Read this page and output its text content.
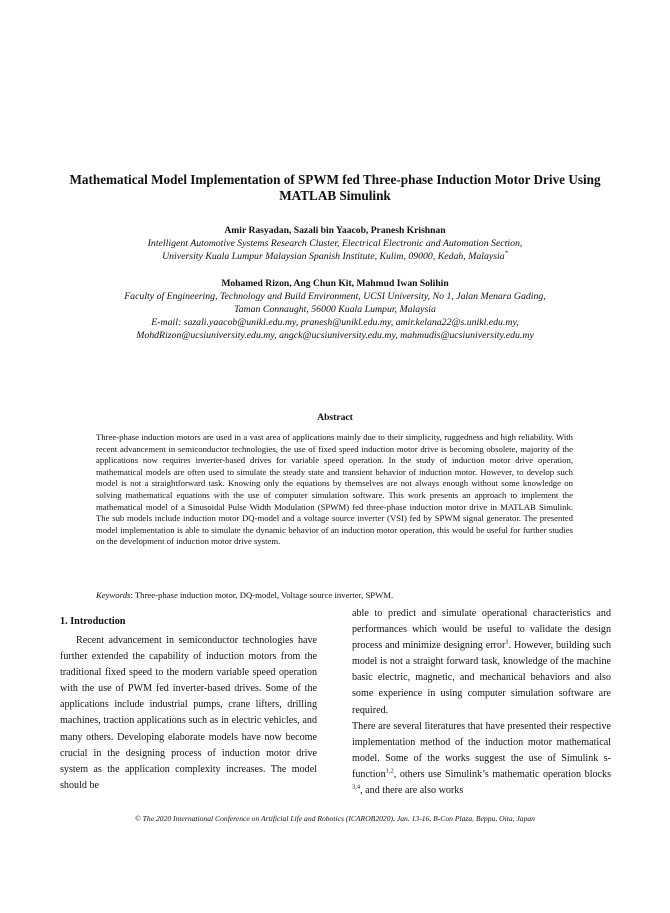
Mathematical Model Implementation of SPWM fed Three-phase Induction Motor Drive Using
MATLAB Simulink
Amir Rasyadan, Sazali bin Yaacob, Pranesh Krishnan
Intelligent Automotive Systems Research Cluster, Electrical Electronic and Automation Section,
University Kuala Lumpur Malaysian Spanish Institute, Kulim, 09000, Kedah, Malaysia*
Mohamed Rizon, Ang Chun Kit, Mahmud Iwan Solihin
Faculty of Engineering, Technology and Build Environment, UCSI University, No 1, Jalan Menara Gading,
Taman Connaught, 56000 Kuala Lumpur, Malaysia
E-mail: sazali.yaacob@unikl.edu.my, pranesh@unikl.edu.my, amir.kelana22@s.unikl.edu.my,
MohdRizon@ucsiuniversity.edu.my, angck@ucsiuniversity.edu.my, mahmudis@ucsiuniversity.edu.my
Abstract
Three-phase induction motors are used in a vast area of applications mainly due to their simplicity, ruggedness and high reliability. With recent advancement in semiconductor technologies, the use of fixed speed induction motor drive is becoming obsolete, majority of the applications now requires inverter-based drives for variable speed operation. In the study of induction motor drive operation, mathematical models are often used to simulate the steady state and transient behavior of induction motor. However, to develop such model is not a straightforward task. Knowing only the equations by themselves are not always enough without some knowledge on solving mathematical equations with the use of computer simulation software. This work presents an approach to implement the mathematical model of a Sinusoidal Pulse Width Modulation (SPWM) fed three-phase induction motor drive in MATLAB Simulink. The sub models include induction motor DQ-model and a voltage source inverter (VSI) fed by SPWM signal generator. The presented model implementation is able to simulate the dynamic behavior of an induction motor operation, this would be useful for further studies on the development of induction motor drive system.
Keywords: Three-phase induction motor, DQ-model, Voltage source inverter, SPWM.
1. Introduction

Recent advancement in semiconductor technologies have further extended the capability of induction motors from the traditional fixed speed to the modern variable speed operation with the use of PWM fed inverter-based drives. Some of the applications include industrial pumps, crane lifters, drilling machines, traction applications such as in electric vehicles, and many others. Developing elaborate models have now become crucial in the designing process of induction motor drive system as the application complexity increases. The model should be

able to predict and simulate operational characteristics and performances which would be useful to validate the design process and minimize designing error$^1$. However, building such model is not a straight forward task, knowledge of the machine basic electric, magnetic, and mechanical behaviors and also some experience in using computer simulation software are required.

There are several literatures that have presented their respective implementation method of the induction motor mathematical model. Some of the works suggest the use of Simulink s-function$^{1,2}$, others use Simulink’s mathematic operation blocks $^{3,4}$, and there are also works

© The 2020 International Conference on Artificial Life and Robotics (ICAROB2020), Jan. 13-16, B-Con Plaza, Beppu, Oita, Japan
